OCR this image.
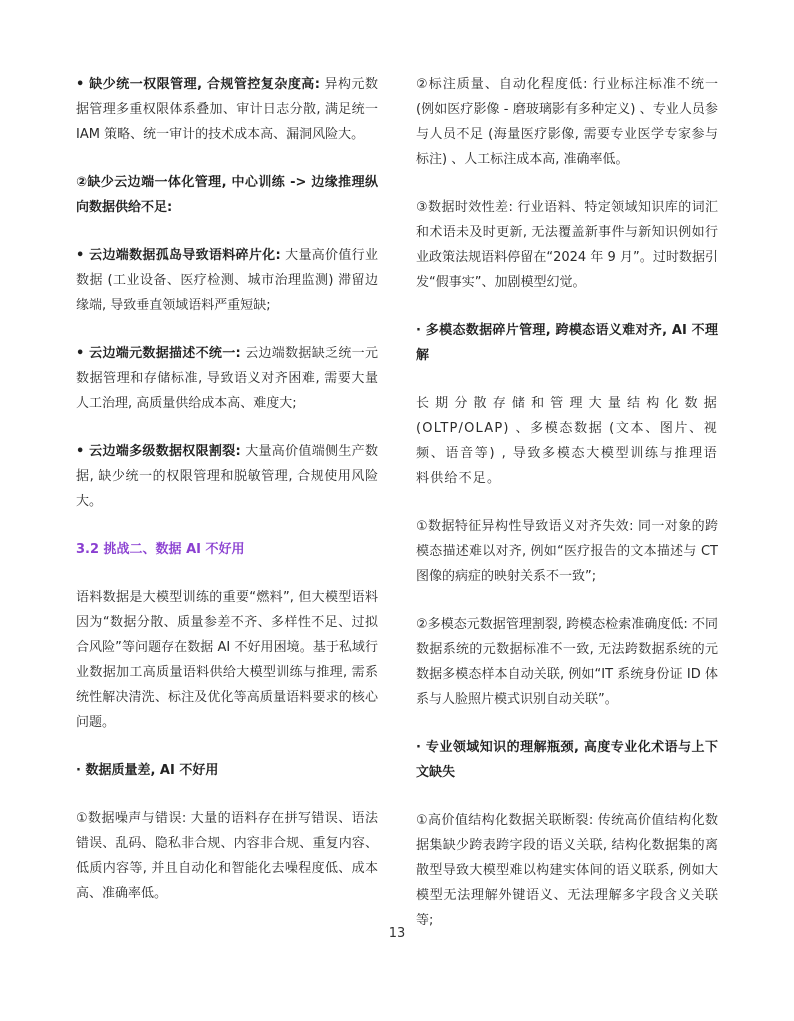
• 缺少统一权限管理, 合规管控复杂度高: 异构元数据管理多重权限体系叠加、审计日志分散, 满足统一 IAM 策略、统一审计的技术成本高、漏洞风险大。

②缺少云边端一体化管理, 中心训练 -> 边缘推理纵向数据供给不足:

• 云边端数据孤岛导致语料碎片化: 大量高价值行业数据 (工业设备、医疗检测、城市治理监测) 滞留边缘端, 导致垂直领域语料严重短缺;

• 云边端元数据描述不统一: 云边端数据缺乏统一元数据管理和存储标准, 导致语义对齐困难, 需要大量人工治理, 高质量供给成本高、难度大;

• 云边端多级数据权限割裂: 大量高价值端侧生产数据, 缺少统一的权限管理和脱敏管理, 合规使用风险大。

3.2 挑战二、数据 AI 不好用

语料数据是大模型训练的重要“燃料”, 但大模型语料因为“数据分散、质量参差不齐、多样性不足、过拟合风险”等问题存在数据 AI 不好用困境。基于私域行业数据加工高质量语料供给大模型训练与推理, 需系统性解决清洗、标注及优化等高质量语料要求的核心问题。

· 数据质量差, AI 不好用

①数据噪声与错误: 大量的语料存在拼写错误、语法错误、乱码、隐私非合规、内容非合规、重复内容、低质内容等, 并且自动化和智能化去噪程度低、成本高、准确率低。

②标注质量、自动化程度低: 行业标注标准不统一 (例如医疗影像 - 磨玻璃影有多种定义) 、专业人员参与人员不足 (海量医疗影像, 需要专业医学专家参与标注) 、人工标注成本高, 准确率低。

③数据时效性差: 行业语料、特定领域知识库的词汇和术语未及时更新, 无法覆盖新事件与新知识例如行业政策法规语料停留在“2024 年 9 月”。过时数据引发“假事实”、加剧模型幻觉。

· 多模态数据碎片管理, 跨模态语义难对齐, AI 不理解

长期分散存储和管理大量结构化数据 (OLTP/OLAP) 、多模态数据 (文本、图片、视频、语音等) , 导致多模态大模型训练与推理语料供给不足。

①数据特征异构性导致语义对齐失效: 同一对象的跨模态描述难以对齐, 例如“医疗报告的文本描述与 CT 图像的病症的映射关系不一致”;

②多模态元数据管理割裂, 跨模态检索准确度低: 不同数据系统的元数据标准不一致, 无法跨数据系统的元数据多模态样本自动关联, 例如“IT 系统身份证 ID 体系与人脸照片模式识别自动关联”。

· 专业领域知识的理解瓶颈, 高度专业化术语与上下文缺失

①高价值结构化数据关联断裂: 传统高价值结构化数据集缺少跨表跨字段的语义关联, 结构化数据集的离散型导致大模型难以构建实体间的语义联系, 例如大模型无法理解外键语义、无法理解多字段含义关联等;

13
